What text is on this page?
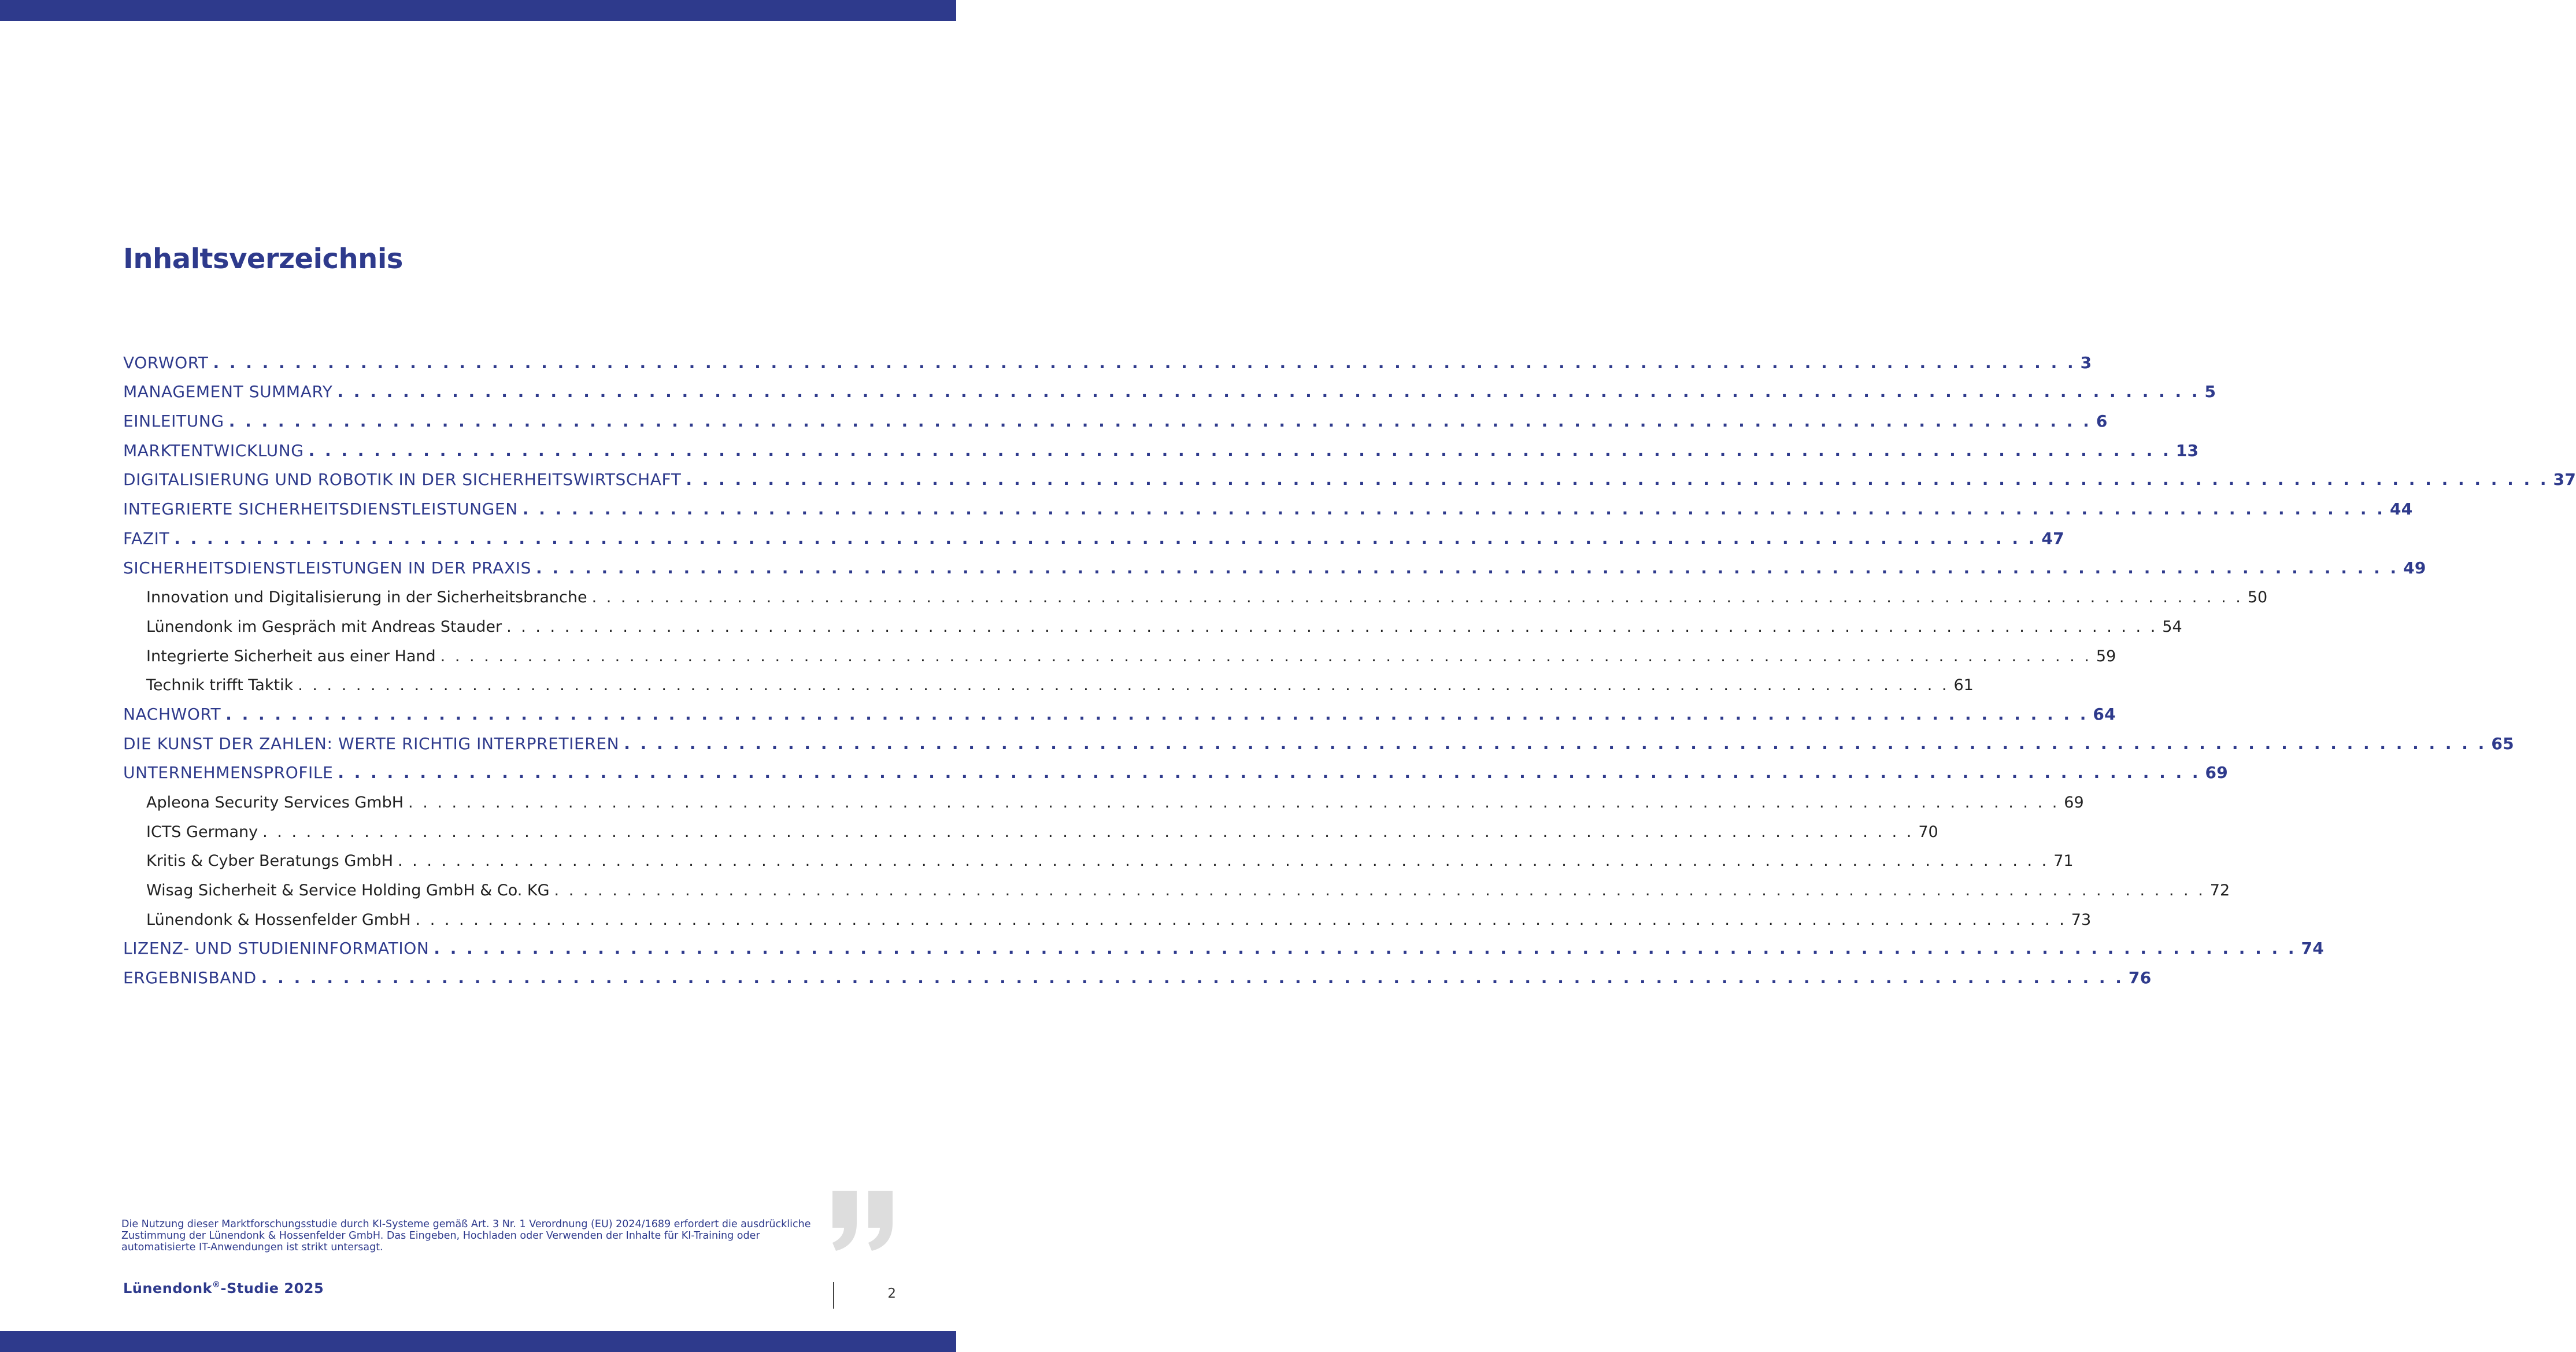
Inhaltsverzeichnis
VORWORT . . . . . . . . . . . . . . . . . . . . . . . . . . . . . . . . . . . . . . . . . . . . . . . . . . . . . . . . . . . . . . . . . . . . . . . . . . . . . . . . . . . . . . . . . . . . . . . . . . . . . . . . . . . . . . . . . . 3
MANAGEMENT SUMMARY . . . . . . . . . . . . . . . . . . . . . . . . . . . . . . . . . . . . . . . . . . . . . . . . . . . . . . . . . . . . . . . . . . . . . . . . . . . . . . . . . . . . . . . . . . . . . . . . . . . . . . . . . . . . . . . . . . 5
EINLEITUNG . . . . . . . . . . . . . . . . . . . . . . . . . . . . . . . . . . . . . . . . . . . . . . . . . . . . . . . . . . . . . . . . . . . . . . . . . . . . . . . . . . . . . . . . . . . . . . . . . . . . . . . . . . . . . . . . . . 6
MARKTENTWICKLUNG . . . . . . . . . . . . . . . . . . . . . . . . . . . . . . . . . . . . . . . . . . . . . . . . . . . . . . . . . . . . . . . . . . . . . . . . . . . . . . . . . . . . . . . . . . . . . . . . . . . . . . . . . . . . . . . . . . 13
DIGITALISIERUNG UND ROBOTIK IN DER SICHERHEITSWIRTSCHAFT . . . . . . . . . . . . . . . . . . . . . . . . . . . . . . . . . . . . . . . . . . . . . . . . . . . . . . . . . . . . . . . . . . . . . . . . . . . . . . . . . . . . . . . . . . . . . . . . . . . . . . . . . . . . . . . . . . 37
INTEGRIERTE SICHERHEITSDIENSTLEISTUNGEN . . . . . . . . . . . . . . . . . . . . . . . . . . . . . . . . . . . . . . . . . . . . . . . . . . . . . . . . . . . . . . . . . . . . . . . . . . . . . . . . . . . . . . . . . . . . . . . . . . . . . . . . . . . . . . . . . . 44
FAZIT . . . . . . . . . . . . . . . . . . . . . . . . . . . . . . . . . . . . . . . . . . . . . . . . . . . . . . . . . . . . . . . . . . . . . . . . . . . . . . . . . . . . . . . . . . . . . . . . . . . . . . . . . . . . . . . . . . 47
SICHERHEITSDIENSTLEISTUNGEN IN DER PRAXIS . . . . . . . . . . . . . . . . . . . . . . . . . . . . . . . . . . . . . . . . . . . . . . . . . . . . . . . . . . . . . . . . . . . . . . . . . . . . . . . . . . . . . . . . . . . . . . . . . . . . . . . . . . . . . . . . . . 49
Innovation und Digitalisierung in der Sicherheitsbranche . . . . . . . . . . . . . . . . . . . . . . . . . . . . . . . . . . . . . . . . . . . . . . . . . . . . . . . . . . . . . . . . . . . . . . . . . . . . . . . . . . . . . . . . . . . . . . . . . . . . . . . . . . . . . . . . . . 50
Lünendonk im Gespräch mit Andreas Stauder . . . . . . . . . . . . . . . . . . . . . . . . . . . . . . . . . . . . . . . . . . . . . . . . . . . . . . . . . . . . . . . . . . . . . . . . . . . . . . . . . . . . . . . . . . . . . . . . . . . . . . . . . . . . . . . . . . 54
Integrierte Sicherheit aus einer Hand . . . . . . . . . . . . . . . . . . . . . . . . . . . . . . . . . . . . . . . . . . . . . . . . . . . . . . . . . . . . . . . . . . . . . . . . . . . . . . . . . . . . . . . . . . . . . . . . . . . . . . . . . . . . . . . . . . 59
Technik trifft Taktik . . . . . . . . . . . . . . . . . . . . . . . . . . . . . . . . . . . . . . . . . . . . . . . . . . . . . . . . . . . . . . . . . . . . . . . . . . . . . . . . . . . . . . . . . . . . . . . . . . . . . . . . . . . . . . . . . . 61
NACHWORT . . . . . . . . . . . . . . . . . . . . . . . . . . . . . . . . . . . . . . . . . . . . . . . . . . . . . . . . . . . . . . . . . . . . . . . . . . . . . . . . . . . . . . . . . . . . . . . . . . . . . . . . . . . . . . . . . . 64
DIE KUNST DER ZAHLEN: WERTE RICHTIG INTERPRETIEREN . . . . . . . . . . . . . . . . . . . . . . . . . . . . . . . . . . . . . . . . . . . . . . . . . . . . . . . . . . . . . . . . . . . . . . . . . . . . . . . . . . . . . . . . . . . . . . . . . . . . . . . . . . . . . . . . . . 65
UNTERNEHMENSPROFILE . . . . . . . . . . . . . . . . . . . . . . . . . . . . . . . . . . . . . . . . . . . . . . . . . . . . . . . . . . . . . . . . . . . . . . . . . . . . . . . . . . . . . . . . . . . . . . . . . . . . . . . . . . . . . . . . . . 69
Apleona Security Services GmbH . . . . . . . . . . . . . . . . . . . . . . . . . . . . . . . . . . . . . . . . . . . . . . . . . . . . . . . . . . . . . . . . . . . . . . . . . . . . . . . . . . . . . . . . . . . . . . . . . . . . . . . . . . . . . . . . . . 69
ICTS Germany . . . . . . . . . . . . . . . . . . . . . . . . . . . . . . . . . . . . . . . . . . . . . . . . . . . . . . . . . . . . . . . . . . . . . . . . . . . . . . . . . . . . . . . . . . . . . . . . . . . . . . . . . . . . . . . . . . 70
Kritis & Cyber Beratungs GmbH . . . . . . . . . . . . . . . . . . . . . . . . . . . . . . . . . . . . . . . . . . . . . . . . . . . . . . . . . . . . . . . . . . . . . . . . . . . . . . . . . . . . . . . . . . . . . . . . . . . . . . . . . . . . . . . . . . 71
Wisag Sicherheit & Service Holding GmbH & Co. KG . . . . . . . . . . . . . . . . . . . . . . . . . . . . . . . . . . . . . . . . . . . . . . . . . . . . . . . . . . . . . . . . . . . . . . . . . . . . . . . . . . . . . . . . . . . . . . . . . . . . . . . . . . . . . . . . . . 72
Lünendonk & Hossenfelder GmbH . . . . . . . . . . . . . . . . . . . . . . . . . . . . . . . . . . . . . . . . . . . . . . . . . . . . . . . . . . . . . . . . . . . . . . . . . . . . . . . . . . . . . . . . . . . . . . . . . . . . . . . . . . . . . . . . . . 73
LIZENZ- UND STUDIENINFORMATION . . . . . . . . . . . . . . . . . . . . . . . . . . . . . . . . . . . . . . . . . . . . . . . . . . . . . . . . . . . . . . . . . . . . . . . . . . . . . . . . . . . . . . . . . . . . . . . . . . . . . . . . . . . . . . . . . . 74
ERGEBNISBAND . . . . . . . . . . . . . . . . . . . . . . . . . . . . . . . . . . . . . . . . . . . . . . . . . . . . . . . . . . . . . . . . . . . . . . . . . . . . . . . . . . . . . . . . . . . . . . . . . . . . . . . . . . . . . . . . . . 76

Die Nutzung dieser Marktforschungsstudie durch KI-Systeme gemäß Art. 3 Nr. 1 Verordnung (EU) 2024/1689 erfordert die ausdrückliche Zustimmung der Lünendonk & Hossenfelder GmbH. Das Eingeben, Hochladen oder Verwenden der Inhalte für KI-Training oder automatisierte IT-Anwendungen ist strikt untersagt.

Lünendonk®-Studie 2025	2
